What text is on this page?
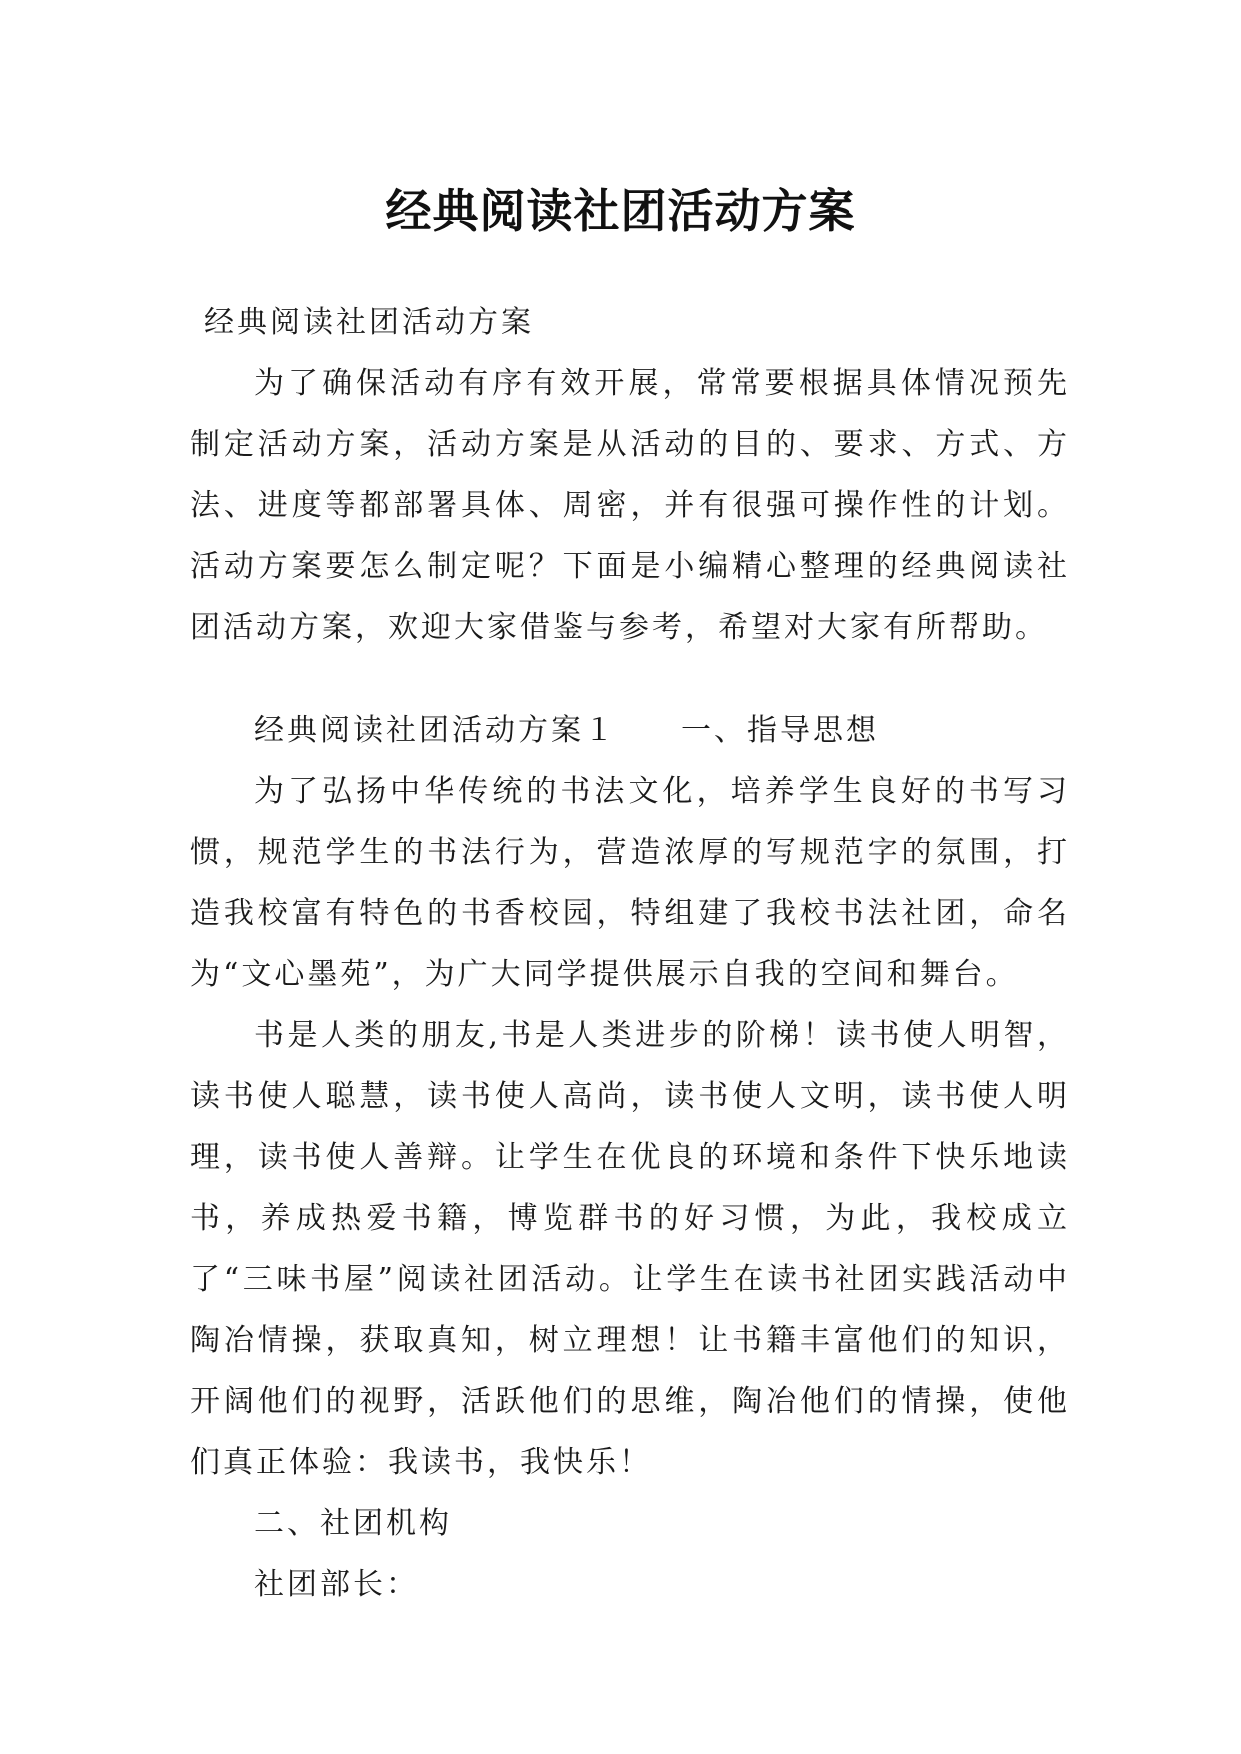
经典阅读社团活动方案

经典阅读社团活动方案

为了确保活动有序有效开展，常常要根据具体情况预先制定活动方案，活动方案是从活动的目的、要求、方式、方法、进度等都部署具体、周密，并有很强可操作性的计划。活动方案要怎么制定呢？下面是小编精心整理的经典阅读社团活动方案，欢迎大家借鉴与参考，希望对大家有所帮助。

经典阅读社团活动方案１ 一、指导思想

为了弘扬中华传统的书法文化，培养学生良好的书写习惯，规范学生的书法行为，营造浓厚的写规范字的氛围，打造我校富有特色的书香校园，特组建了我校书法社团，命名为“文心墨苑”，为广大同学提供展示自我的空间和舞台。

书是人类的朋友,书是人类进步的阶梯！读书使人明智，读书使人聪慧，读书使人高尚，读书使人文明，读书使人明理，读书使人善辩。让学生在优良的环境和条件下快乐地读书，养成热爱书籍，博览群书的好习惯，为此，我校成立了“三味书屋”阅读社团活动。让学生在读书社团实践活动中陶冶情操，获取真知，树立理想！让书籍丰富他们的知识，开阔他们的视野，活跃他们的思维，陶冶他们的情操，使他们真正体验：我读书，我快乐！

二、社团机构

社团部长：
